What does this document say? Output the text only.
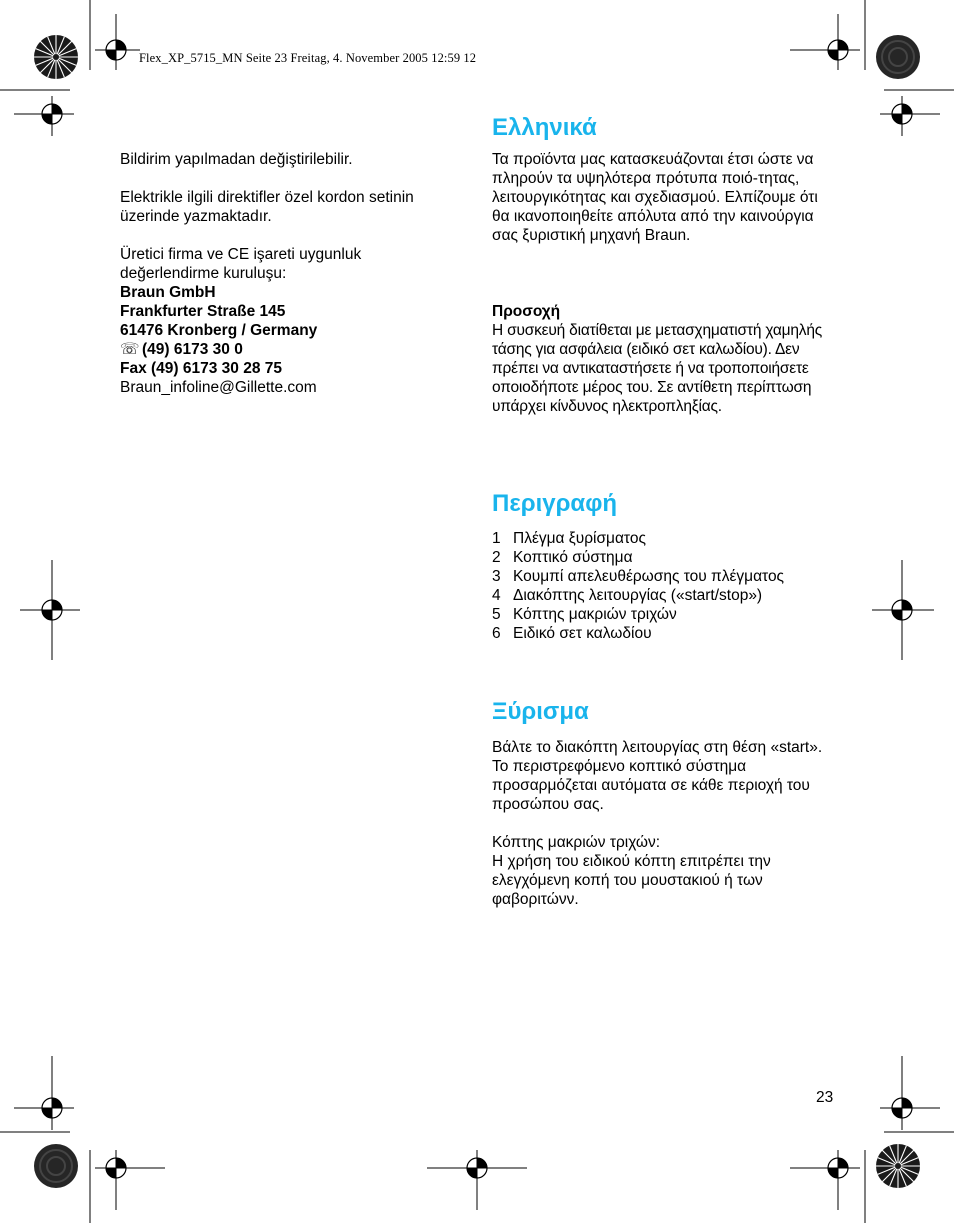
Flex_XP_5715_MN Seite 23 Freitag, 4. November 2005 12:59 12

Bildirim yapılmadan değiştirilebilir.

Elektrikle ilgili direktifler özel kordon setinin üzerinde yazmaktadır.

Üretici firma ve CE işareti uygunluk değerlendirme kuruluşu:

Braun GmbH

Frankfurter Straße 145

61476 Kronberg / Germany

☏ (49) 6173 30 0

Fax (49) 6173 30 28 75

Braun_infoline@Gillette.com

Ελληνικά

Τα προϊόντα μας κατασκευάζονται έτσι ώστε να πληρούν τα υψηλότερα πρότυπα ποιό-τητας, λειτουργικότητας και σχεδιασμού. Ελπίζουμε ότι θα ικανοποιηθείτε απόλυτα από την καινούργια σας ξυριστική μηχανή Braun.

Προσοχή

Η συσκευή διατίθεται με μετασχηματιστή χαμηλής τάσης για ασφάλεια (ειδικό σετ καλωδίου). Δεν πρέπει να αντικαταστήσετε ή να τροποποιήσετε οποιοδήποτε μέρος του. Σε αντίθετη περίπτωση υπάρχει κίνδυνος ηλεκτροπληξίας.

Περιγραφή
1 Πλέγμα ξυρίσματος
2 Κοπτικό σύστημα
3 Κουμπί απελευθέρωσης του πλέγματος
4 Διακόπτης λειτουργίας («start/stop»)
5 Κόπτης μακριών τριχών
6 Ειδικό σετ καλωδίου
Ξύρισμα

Βάλτε το διακόπτη λειτουργίας στη θέση «start».

Το περιστρεφόμενο κοπτικό σύστημα προσαρμόζεται αυτόματα σε κάθε περιοχή του προσώπου σας.

Κόπτης μακριών τριχών:

Η χρήση του ειδικού κόπτη επιτρέπει την ελεγχόμενη κοπή του μουστακιού ή των φαβοριτώνν.

23
